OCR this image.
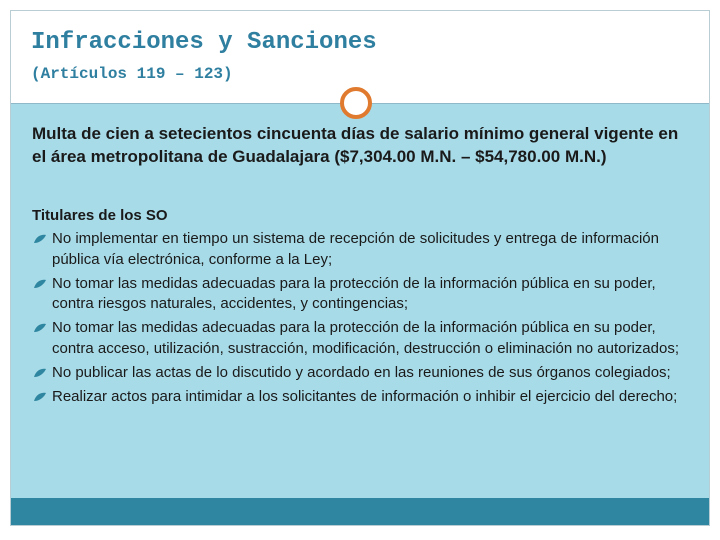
Infracciones y Sanciones
(Artículos 119 – 123)
Multa de cien a setecientos cincuenta días de salario mínimo general vigente en el área metropolitana de Guadalajara ($7,304.00 M.N. – $54,780.00 M.N.)
Titulares de los SO
No implementar en tiempo un sistema de recepción de solicitudes y entrega de información pública vía electrónica, conforme a la Ley;
No tomar las medidas adecuadas para la protección de la información pública en su poder, contra riesgos naturales, accidentes, y contingencias;
No tomar las medidas adecuadas para la protección de la información pública en su poder, contra acceso, utilización, sustracción, modificación, destrucción o eliminación no autorizados;
No publicar las actas de lo discutido y acordado en las reuniones de sus órganos colegiados;
Realizar actos para intimidar a los solicitantes de información o inhibir el ejercicio del derecho;
